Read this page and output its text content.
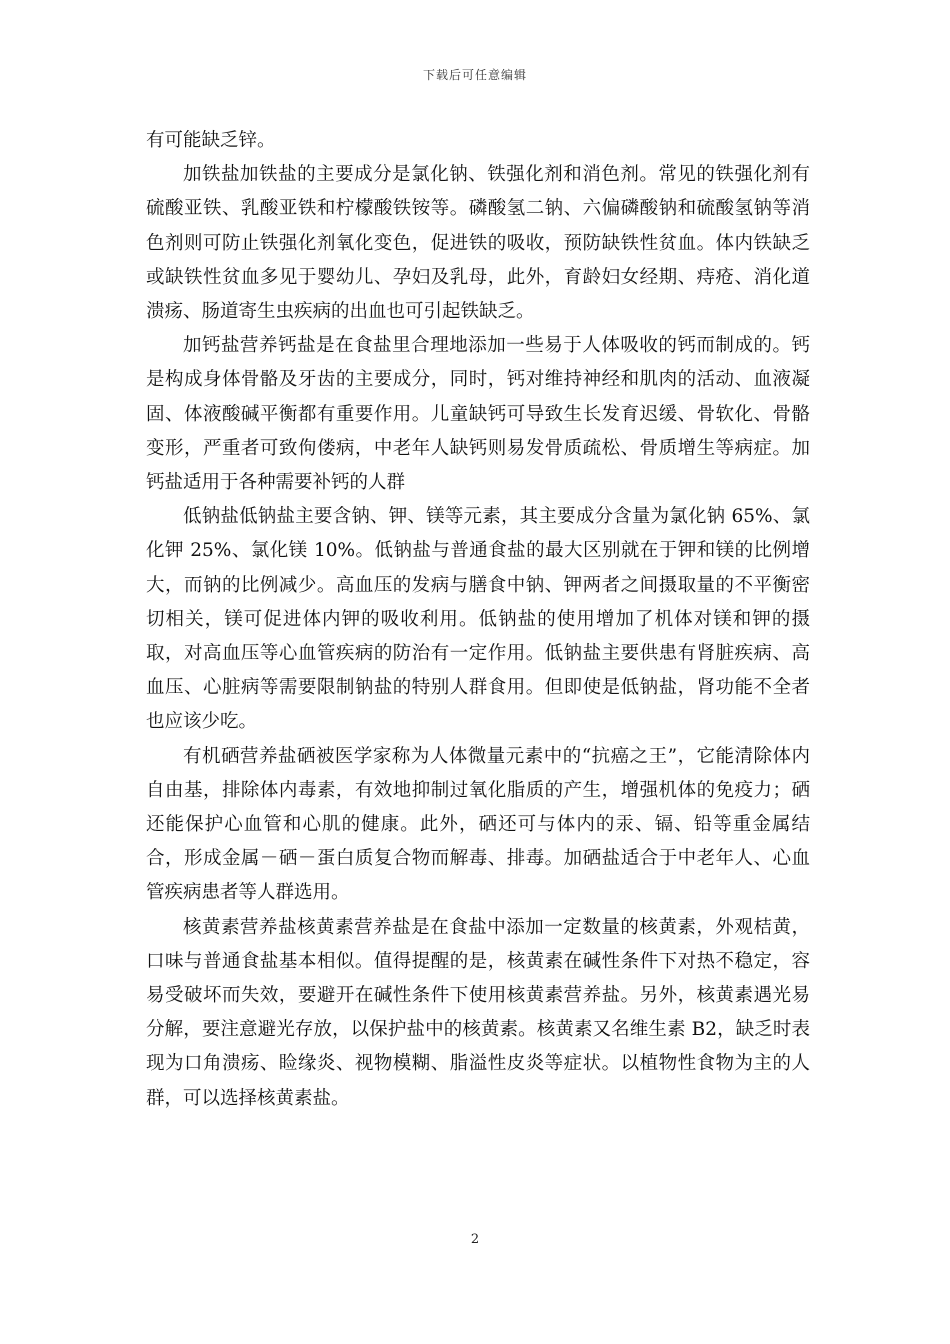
下载后可任意编辑

有可能缺乏锌。

加铁盐加铁盐的主要成分是氯化钠、铁强化剂和消色剂。常见的铁强化剂有硫酸亚铁、乳酸亚铁和柠檬酸铁铵等。磷酸氢二钠、六偏磷酸钠和硫酸氢钠等消色剂则可防止铁强化剂氧化变色，促进铁的吸收，预防缺铁性贫血。体内铁缺乏或缺铁性贫血多见于婴幼儿、孕妇及乳母，此外，育龄妇女经期、痔疮、消化道溃疡、肠道寄生虫疾病的出血也可引起铁缺乏。

加钙盐营养钙盐是在食盐里合理地添加一些易于人体吸收的钙而制成的。钙是构成身体骨骼及牙齿的主要成分，同时，钙对维持神经和肌肉的活动、血液凝固、体液酸碱平衡都有重要作用。儿童缺钙可导致生长发育迟缓、骨软化、骨骼变形，严重者可致佝偻病，中老年人缺钙则易发骨质疏松、骨质增生等病症。加钙盐适用于各种需要补钙的人群

低钠盐低钠盐主要含钠、钾、镁等元素，其主要成分含量为氯化钠 65%、氯化钾 25%、氯化镁 10%。低钠盐与普通食盐的最大区别就在于钾和镁的比例增大，而钠的比例减少。高血压的发病与膳食中钠、钾两者之间摄取量的不平衡密切相关，镁可促进体内钾的吸收利用。低钠盐的使用增加了机体对镁和钾的摄取，对高血压等心血管疾病的防治有一定作用。低钠盐主要供患有肾脏疾病、高血压、心脏病等需要限制钠盐的特别人群食用。但即使是低钠盐，肾功能不全者也应该少吃。

有机硒营养盐硒被医学家称为人体微量元素中的“抗癌之王”，它能清除体内自由基，排除体内毒素，有效地抑制过氧化脂质的产生，增强机体的免疫力；硒还能保护心血管和心肌的健康。此外，硒还可与体内的汞、镉、铅等重金属结合，形成金属－硒－蛋白质复合物而解毒、排毒。加硒盐适合于中老年人、心血管疾病患者等人群选用。

核黄素营养盐核黄素营养盐是在食盐中添加一定数量的核黄素，外观桔黄，口味与普通食盐基本相似。值得提醒的是，核黄素在碱性条件下对热不稳定，容易受破坏而失效，要避开在碱性条件下使用核黄素营养盐。另外，核黄素遇光易分解，要注意避光存放，以保护盐中的核黄素。核黄素又名维生素 B2，缺乏时表现为口角溃疡、睑缘炎、视物模糊、脂溢性皮炎等症状。以植物性食物为主的人群，可以选择核黄素盐。

2
